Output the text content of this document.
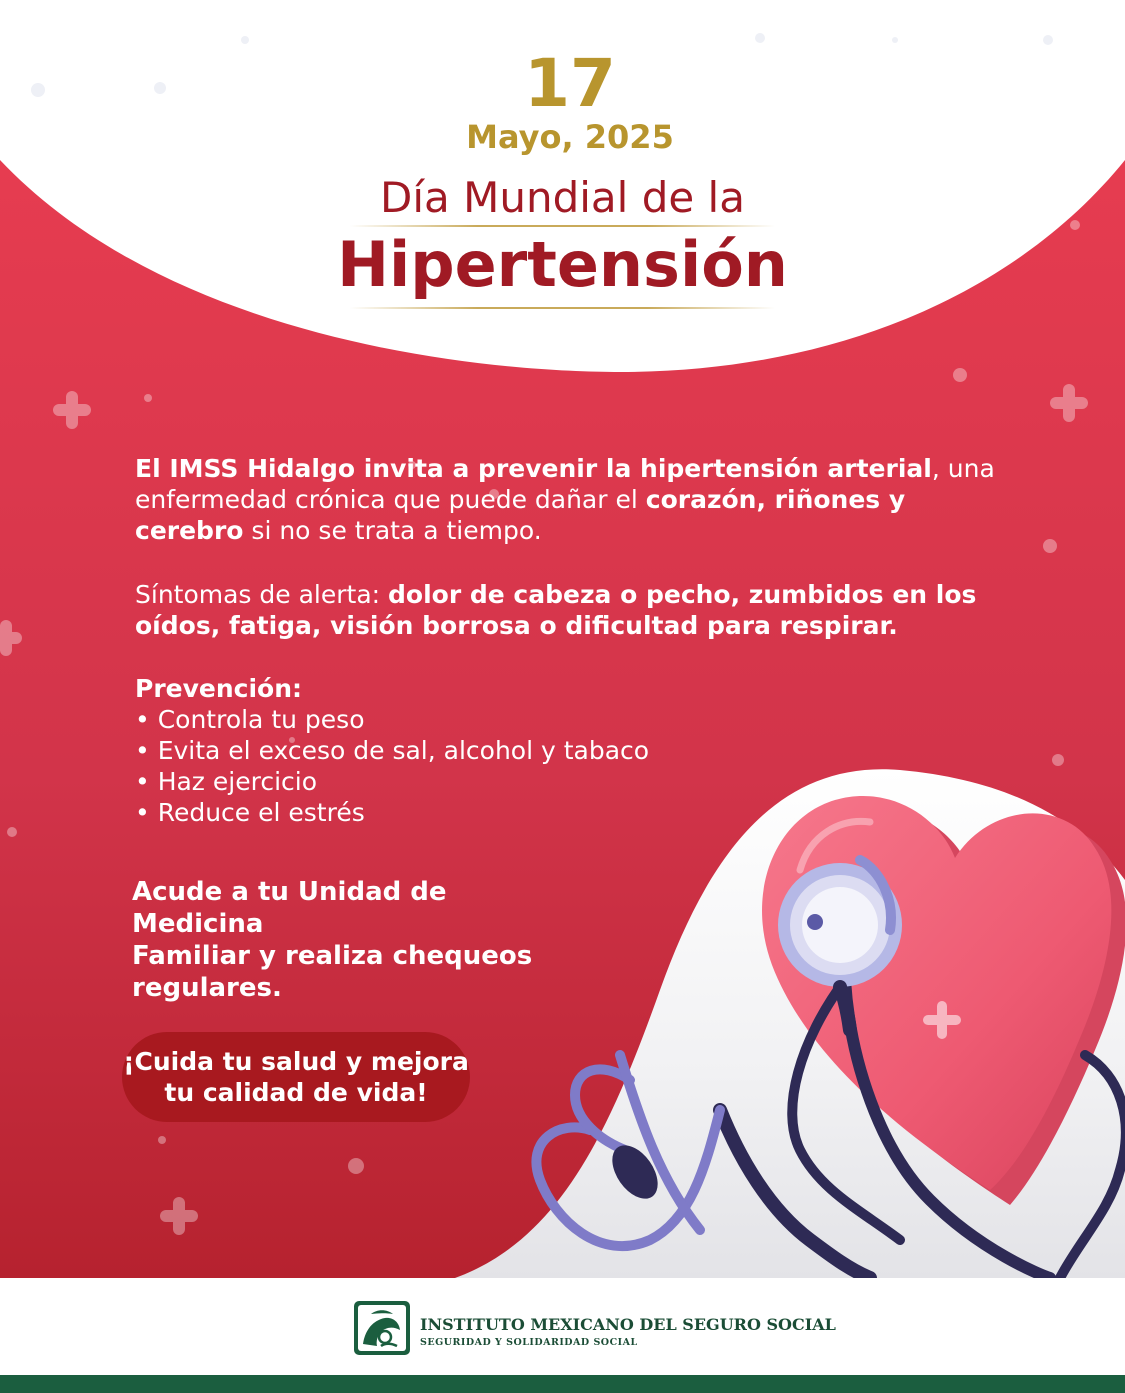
17
Mayo, 2025
Día Mundial de la
Hipertensión
El IMSS Hidalgo invita a prevenir la hipertensión arterial, una enfermedad crónica que puede dañar el corazón, riñones y cerebro si no se trata a tiempo.
Síntomas de alerta: dolor de cabeza o pecho, zumbidos en los oídos, fatiga, visión borrosa o dificultad para respirar.
Prevención:
• Controla tu peso
• Evita el exceso de sal, alcohol y tabaco
• Haz ejercicio
• Reduce el estrés
Acude a tu Unidad de Medicina
Familiar y realiza chequeos
regulares.
¡Cuida tu salud y mejora
tu calidad de vida!
INSTITUTO MEXICANO DEL SEGURO SOCIAL
SEGURIDAD Y SOLIDARIDAD SOCIAL
